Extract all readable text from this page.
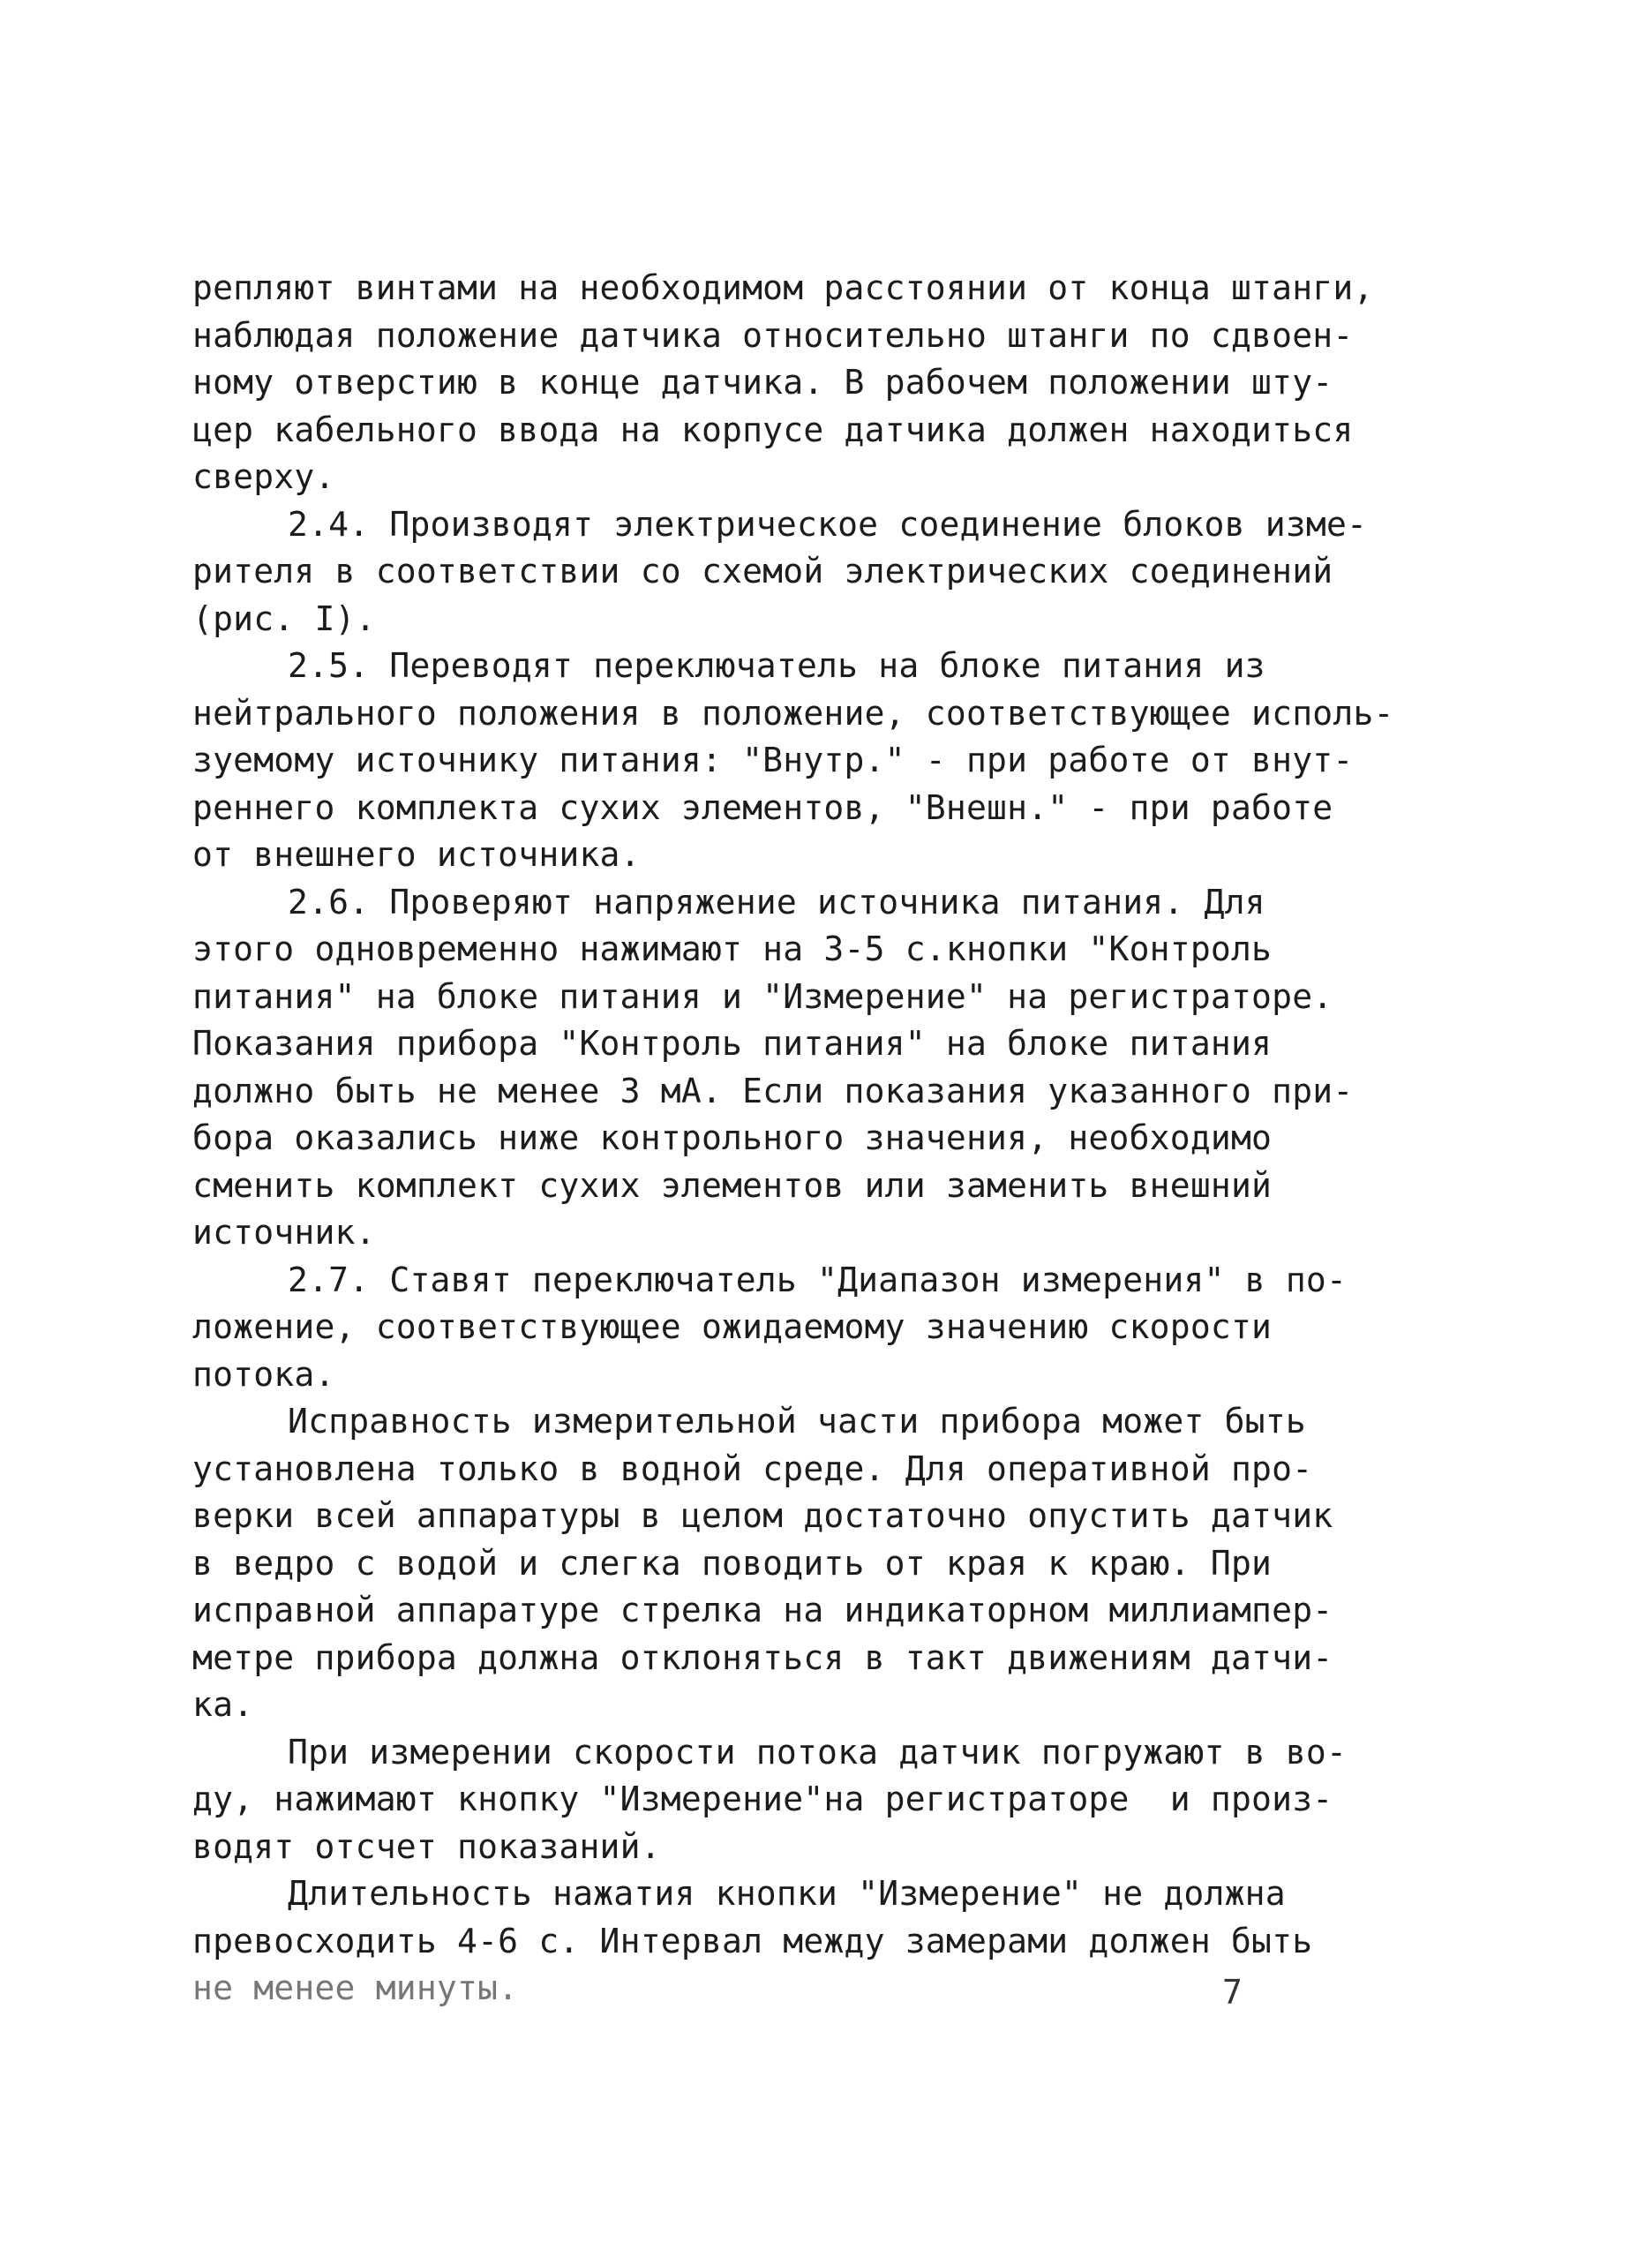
репляют винтами на необходимом расстоянии от конца штанги,
наблюдая положение датчика относительно штанги по сдвоен-
ному отверстию в конце датчика. В рабочем положении шту-
цер кабельного ввода на корпусе датчика должен находиться
сверху.
2.4. Производят электрическое соединение блоков изме-
рителя в соответствии со схемой электрических соединений
(рис. I).
2.5. Переводят переключатель на блоке питания из
нейтрального положения в положение, соответствующее исполь-
зуемому источнику питания: "Внутр." - при работе от внут-
реннего комплекта сухих элементов, "Внешн." - при работе
от внешнего источника.
2.6. Проверяют напряжение источника питания. Для
этого одновременно нажимают на 3-5 с.кнопки "Контроль
питания" на блоке питания и "Измерение" на регистраторе.
Показания прибора "Контроль питания" на блоке питания
должно быть не менее 3 мА. Если показания указанного при-
бора оказались ниже контрольного значения, необходимо
сменить комплект сухих элементов или заменить внешний
источник.
2.7. Ставят переключатель "Диапазон измерения" в по-
ложение, соответствующее ожидаемому значению скорости
потока.
Исправность измерительной части прибора может быть
установлена только в водной среде. Для оперативной про-
верки всей аппаратуры в целом достаточно опустить датчик
в ведро с водой и слегка поводить от края к краю. При
исправной аппаратуре стрелка на индикаторном миллиампер-
метре прибора должна отклоняться в такт движениям датчи-
ка.
При измерении скорости потока датчик погружают в во-
ду, нажимают кнопку "Измерение"на регистраторе  и произ-
водят отсчет показаний.
Длительность нажатия кнопки "Измерение" не должна
превосходить 4-6 с. Интервал между замерами должен быть
не менее минуты.	7
